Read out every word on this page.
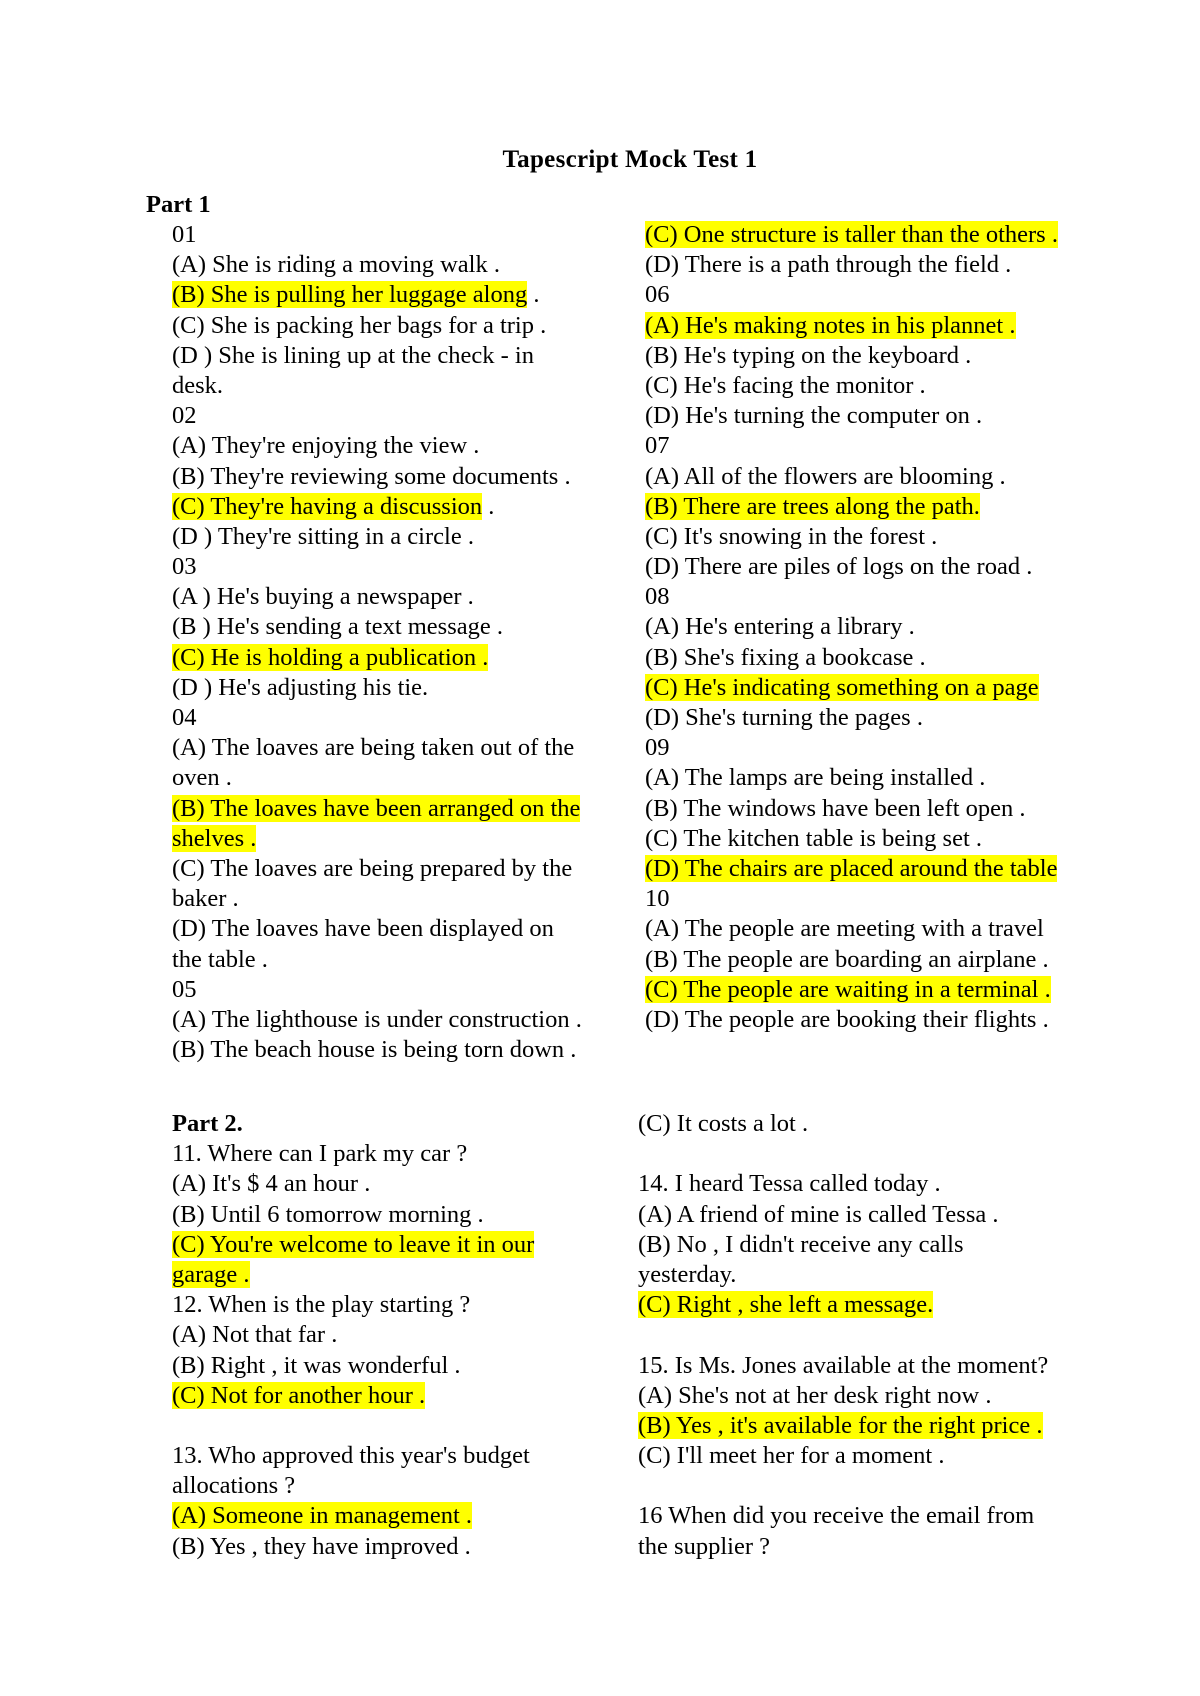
Tapescript Mock Test 1
Part 1
01
(A) She is riding a moving walk .
(B) She is pulling her luggage along .
(C) She is packing her bags for a trip .
(D ) She is lining up at the check - in
desk.
02
(A) They're enjoying the view .
(B) They're reviewing some documents .
(C) They're having a discussion .
(D ) They're sitting in a circle .
03
(A ) He's buying a newspaper .
(B ) He's sending a text message .
(C) He is holding a publication .
(D ) He's adjusting his tie.
04
(A) The loaves are being taken out of the
oven .
(B) The loaves have been arranged on the
shelves .
(C) The loaves are being prepared by the
baker .
(D) The loaves have been displayed on
the table .
05
(A) The lighthouse is under construction .
(B) The beach house is being torn down .
(C) One structure is taller than the others .
(D) There is a path through the field .
06
(A) He's making notes in his plannet .
(B) He's typing on the keyboard .
(C) He's facing the monitor .
(D) He's turning the computer on .
07
(A) All of the flowers are blooming .
(B) There are trees along the path.
(C) It's snowing in the forest .
(D) There are piles of logs on the road .
08
(A) He's entering a library .
(B) She's fixing a bookcase .
(C) He's indicating something on a page
(D) She's turning the pages .
09
(A) The lamps are being installed .
(B) The windows have been left open .
(C) The kitchen table is being set .
(D) The chairs are placed around the table
10
(A) The people are meeting with a travel
(B) The people are boarding an airplane .
(C) The people are waiting in a terminal .
(D) The people are booking their flights .
Part 2.
11. Where can I park my car ?
(A) It's $ 4 an hour .
(B) Until 6 tomorrow morning .
(C) You're welcome to leave it in our
garage .
12. When is the play starting ?
(A) Not that far .
(B) Right , it was wonderful .
(C) Not for another hour .
13. Who approved this year's budget
allocations ?
(A) Someone in management .
(B) Yes , they have improved .
(C) It costs a lot .
14. I heard Tessa called today .
(A) A friend of mine is called Tessa .
(B) No , I didn't receive any calls
yesterday.
(C) Right , she left a message.
15. Is Ms. Jones available at the moment?
(A) She's not at her desk right now .
(B) Yes , it's available for the right price .
(C) I'll meet her for a moment .
16 When did you receive the email from
the supplier ?
